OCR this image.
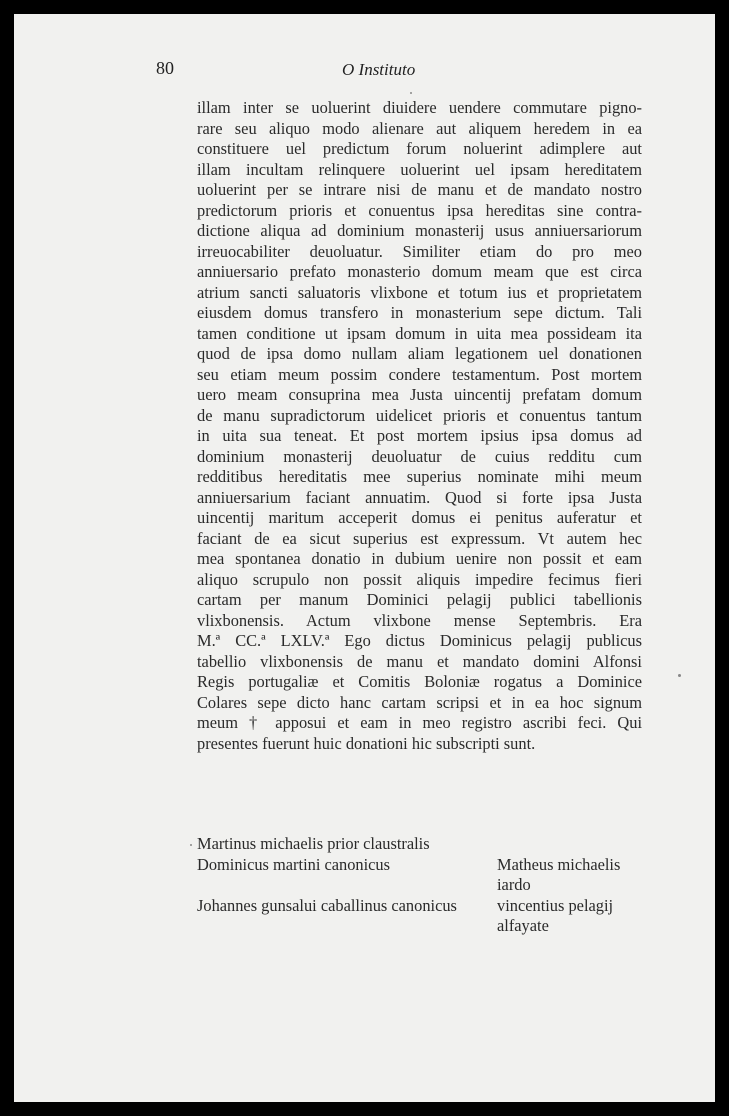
80	O Instituto

illam inter se uoluerint diuidere uendere commutare pigno-
rare seu aliquo modo alienare aut aliquem heredem in ea
constituere uel predictum forum noluerint adimplere aut
illam incultam relinquere uoluerint uel ipsam hereditatem
uoluerint per se intrare nisi de manu et de mandato nostro
predictorum prioris et conuentus ipsa hereditas sine contra-
dictione aliqua ad dominium monasterij usus anniuersariorum
irreuocabiliter deuoluatur. Similiter etiam do pro meo
anniuersario prefato monasterio domum meam que est circa
atrium sancti saluatoris vlixbone et totum ius et proprietatem
eiusdem domus transfero in monasterium sepe dictum. Tali
tamen conditione ut ipsam domum in uita mea possideam ita
quod de ipsa domo nullam aliam legationem uel donationen
seu etiam meum possim condere testamentum. Post mortem
uero meam consuprina mea Justa uincentij prefatam domum
de manu supradictorum uidelicet prioris et conuentus tantum
in uita sua teneat. Et post mortem ipsius ipsa domus ad
dominium monasterij deuoluatur de cuius redditu cum
redditibus hereditatis mee superius nominate mihi meum
anniuersarium faciant annuatim. Quod si forte ipsa Justa
uincentij maritum acceperit domus ei penitus auferatur et
faciant de ea sicut superius est expressum. Vt autem hec
mea spontanea donatio in dubium uenire non possit et eam
aliquo scrupulo non possit aliquis impedire fecimus fieri
cartam per manum Dominici pelagij publici tabellionis
vlixbonensis. Actum vlixbone mense Septembris. Era
M.ª CC.ª LXLV.ª Ego dictus Dominicus pelagij publicus
tabellio vlixbonensis de manu et mandato domini Alfonsi
Regis portugaliæ et Comitis Boloniæ rogatus a Dominice
Colares sepe dicto hanc cartam scripsi et in ea hoc signum
meum † apposui et eam in meo registro ascribi feci. Qui
presentes fuerunt huic donationi hic subscripti sunt.
Martinus michaelis prior claustralis
Dominicus martini canonicus	Matheus michaelis
iardo
Johannes gunsalui caballinus canonicus vincentius pelagij
alfayate
